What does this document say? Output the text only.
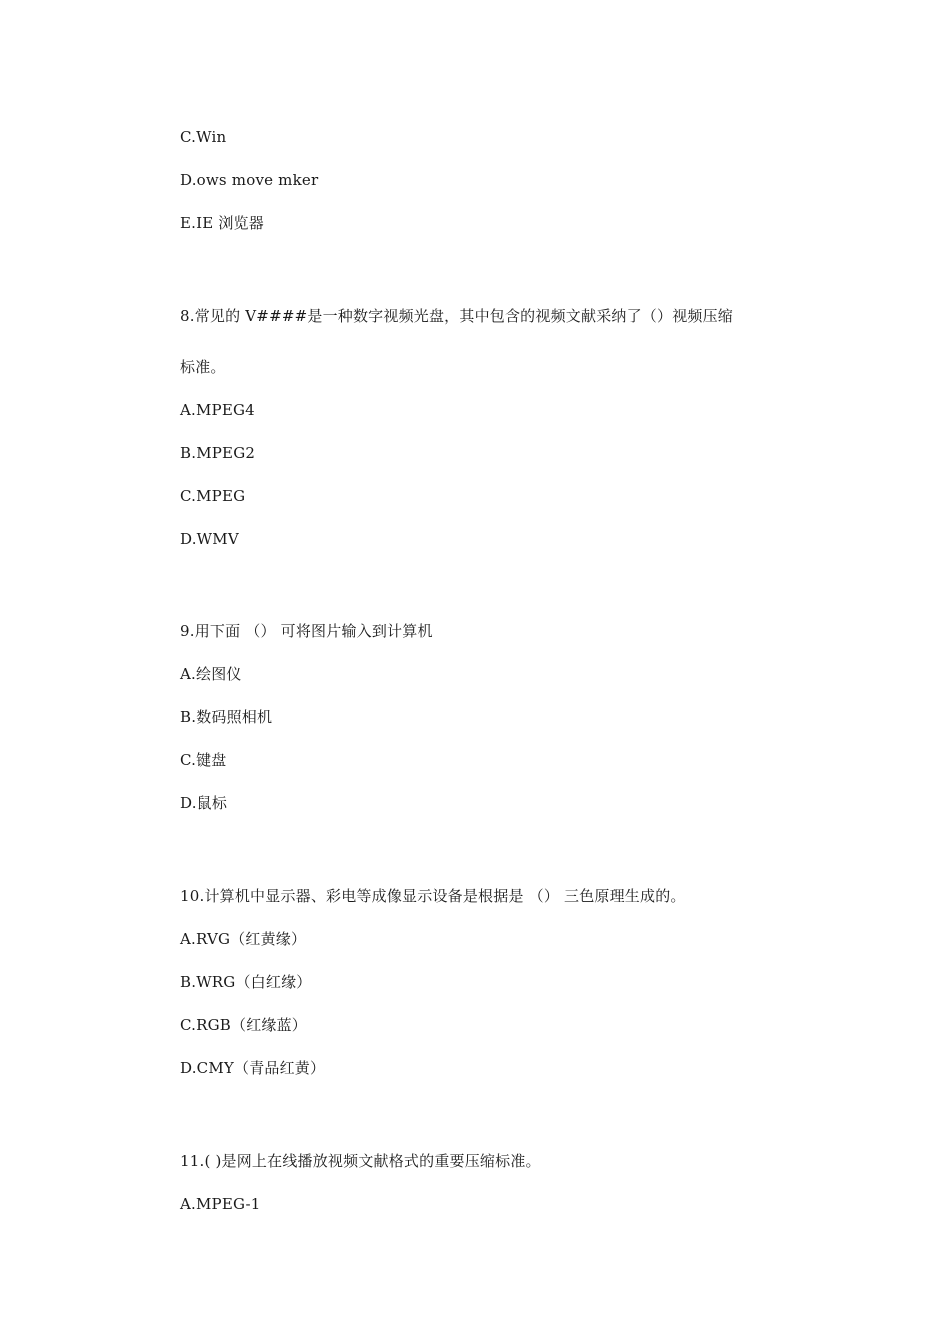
C.Win
D.ows move mker
E.IE 浏览器
8.常见的 V####是一种数字视频光盘，其中包含的视频文献采纳了（）视频压缩
标准。
A.MPEG4
B.MPEG2
C.MPEG
D.WMV
9.用下面 （） 可将图片输入到计算机
A.绘图仪
B.数码照相机
C.键盘
D.鼠标
10.计算机中显示器、彩电等成像显示设备是根据是 （） 三色原理生成的。
A.RVG（红黄缘）
B.WRG（白红缘）
C.RGB（红缘蓝）
D.CMY（青品红黄）
11.( )是网上在线播放视频文献格式的重要压缩标准。
A.MPEG-1
